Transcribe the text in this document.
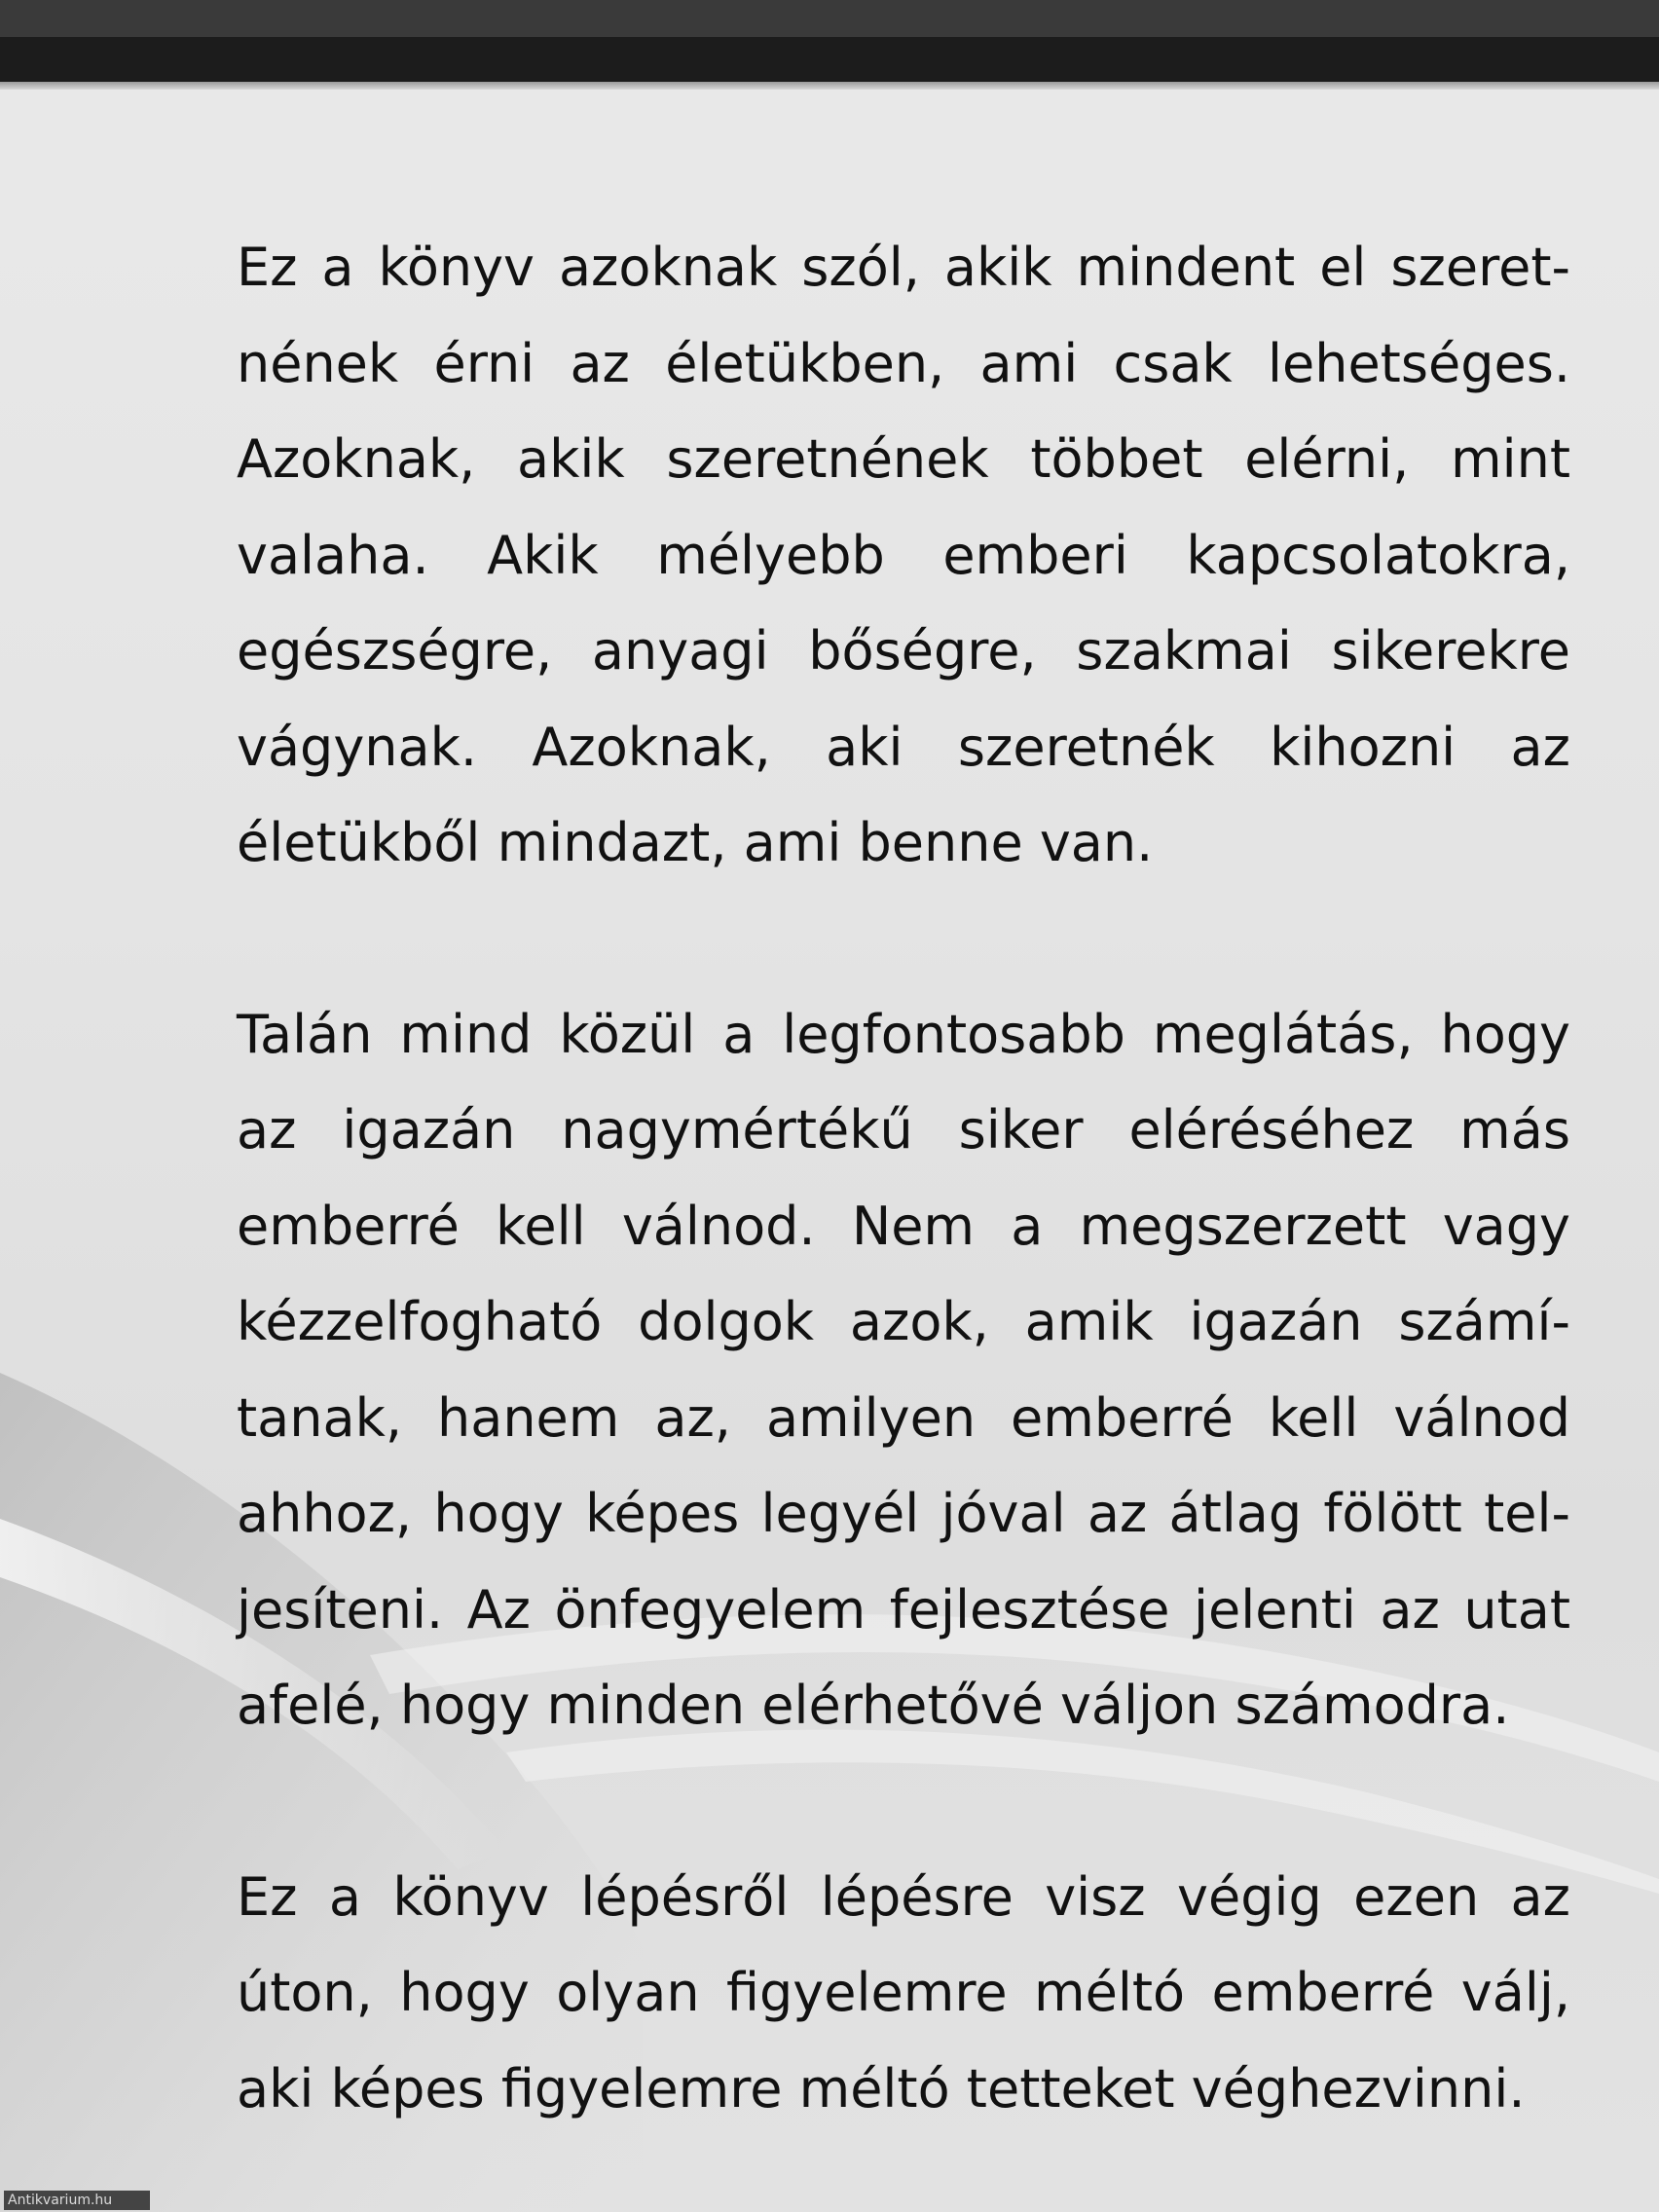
Ez a könyv azoknak szól, akik mindent el szeretnének érni az életükben, ami csak lehetséges. Azoknak, akik szeretnének többet elérni, mint valaha. Akik mélyebb emberi kapcsolatokra, egészségre, anyagi bőségre, szakmai sikerekre vágynak. Azoknak, aki szeretnék kihozni az életükből mindazt, ami benne van.

Talán mind közül a legfontosabb meglátás, hogy az igazán nagymértékű siker eléréséhez más emberré kell válnod. Nem a megszerzett vagy kézzelfogható dolgok azok, amik igazán számítanak, hanem az, amilyen emberré kell válnod ahhoz, hogy képes legyél jóval az átlag fölött teljesíteni. Az önfegyelem fejlesztése jelenti az utat afelé, hogy minden elérhetővé váljon számodra.

Ez a könyv lépésről lépésre visz végig ezen az úton, hogy olyan figyelemre méltó emberré válj, aki képes figyelemre méltó tetteket véghezvinni.

Antikvarium.hu
